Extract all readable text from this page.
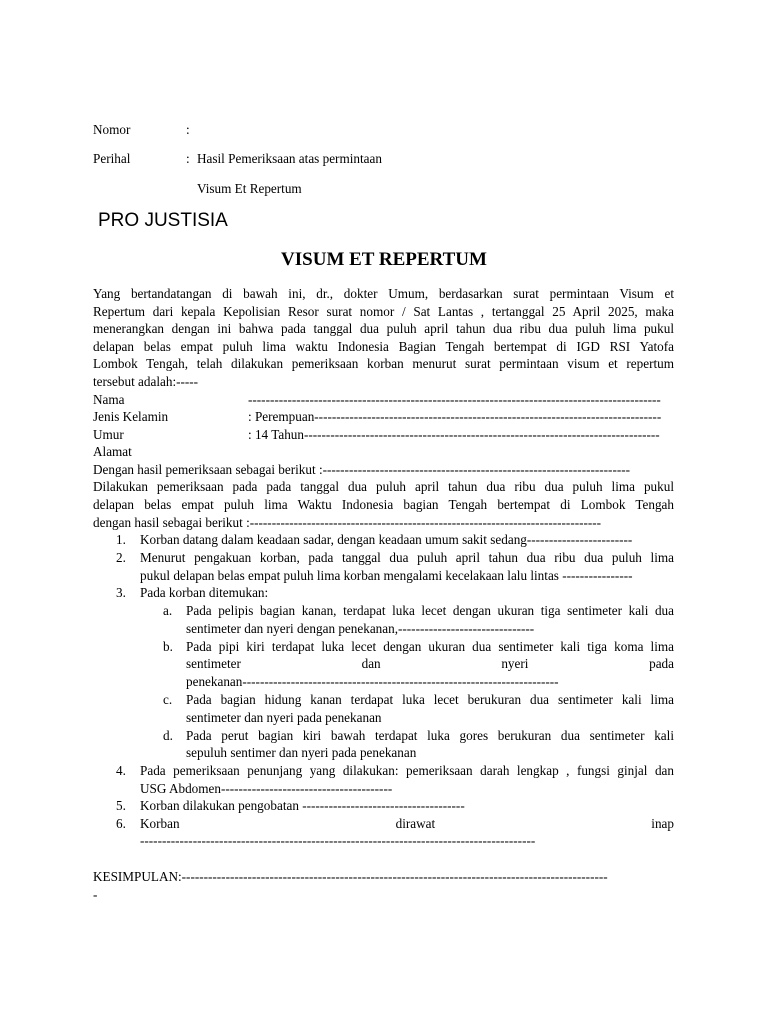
Nomor	:
Perihal	: Hasil Pemeriksaan atas permintaan
Visum Et Repertum
PRO JUSTISIA
VISUM ET REPERTUM
Yang bertandatangan di bawah ini, dr., dokter Umum, berdasarkan surat permintaan Visum et
Repertum dari kepala Kepolisian Resor surat nomor / Sat Lantas , tertanggal 25 April 2025, maka
menerangkan dengan ini bahwa pada tanggal dua puluh april tahun dua ribu dua puluh lima pukul
delapan belas empat puluh lima waktu Indonesia Bagian Tengah bertempat di IGD RSI Yatofa
Lombok Tengah, telah dilakukan pemeriksaan korban menurut surat permintaan visum et repertum
tersebut adalah:-----
Nama	----------------------------------------------------------------------------------------------
Jenis Kelamin	: Perempuan-------------------------------------------------------------------------------
Umur	: 14 Tahun---------------------------------------------------------------------------------
Alamat
Dengan hasil pemeriksaan sebagai berikut :----------------------------------------------------------------------
Dilakukan pemeriksaan pada pada tanggal dua puluh april tahun dua ribu dua puluh lima pukul
delapan belas empat puluh lima Waktu Indonesia bagian Tengah bertempat di Lombok Tengah
dengan hasil sebagai berikut :--------------------------------------------------------------------------------
1. Korban datang dalam keadaan sadar, dengan keadaan umum sakit sedang------------------------
2. Menurut pengakuan korban, pada tanggal dua puluh april tahun dua ribu dua puluh lima
pukul delapan belas empat puluh lima korban mengalami kecelakaan lalu lintas ----------------
3. Pada korban ditemukan:
a. Pada pelipis bagian kanan, terdapat luka lecet dengan ukuran tiga sentimeter kali dua
sentimeter dan nyeri dengan penekanan,-------------------------------
b. Pada pipi kiri terdapat luka lecet dengan ukuran dua sentimeter kali tiga koma lima
sentimeter dan nyeri pada
penekanan------------------------------------------------------------------------
c. Pada bagian hidung kanan terdapat luka lecet berukuran dua sentimeter kali lima
sentimeter dan nyeri pada penekanan
d. Pada perut bagian kiri bawah terdapat luka gores berukuran dua sentimeter kali
sepuluh sentimer dan nyeri pada penekanan
4. Pada pemeriksaan penunjang yang dilakukan: pemeriksaan darah lengkap , fungsi ginjal dan
USG Abdomen---------------------------------------
5. Korban dilakukan pengobatan -------------------------------------
6. Korban dirawat inap
------------------------------------------------------------------------------------------
KESIMPULAN:-------------------------------------------------------------------------------------------------
-
